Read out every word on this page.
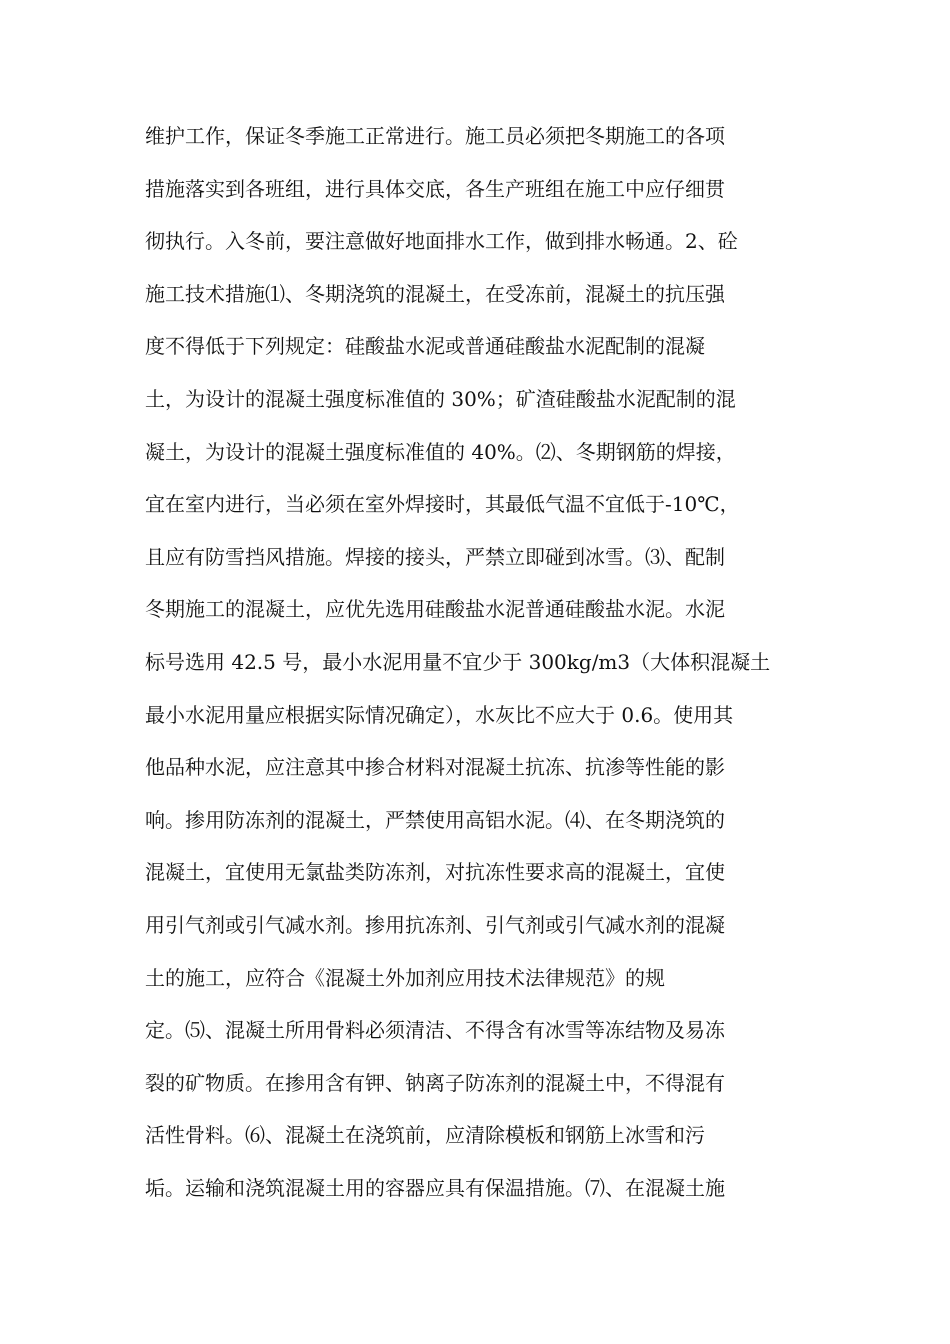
维护工作，保证冬季施工正常进行。施工员必须把冬期施工的各项
措施落实到各班组，进行具体交底，各生产班组在施工中应仔细贯
彻执行。入冬前，要注意做好地面排水工作，做到排水畅通。2、砼
施工技术措施⑴、冬期浇筑的混凝土，在受冻前，混凝土的抗压强
度不得低于下列规定：硅酸盐水泥或普通硅酸盐水泥配制的混凝
土，为设计的混凝土强度标准值的 30%；矿渣硅酸盐水泥配制的混
凝土，为设计的混凝土强度标准值的 40%。⑵、冬期钢筋的焊接，
宜在室内进行，当必须在室外焊接时，其最低气温不宜低于-10℃，
且应有防雪挡风措施。焊接的接头，严禁立即碰到冰雪。⑶、配制
冬期施工的混凝土，应优先选用硅酸盐水泥普通硅酸盐水泥。水泥
标号选用 42.5 号，最小水泥用量不宜少于 300kg/m3（大体积混凝土
最小水泥用量应根据实际情况确定），水灰比不应大于 0.6。使用其
他品种水泥，应注意其中掺合材料对混凝土抗冻、抗渗等性能的影
响。掺用防冻剂的混凝土，严禁使用高铝水泥。⑷、在冬期浇筑的
混凝土，宜使用无氯盐类防冻剂，对抗冻性要求高的混凝土，宜使
用引气剂或引气减水剂。掺用抗冻剂、引气剂或引气减水剂的混凝
土的施工，应符合《混凝土外加剂应用技术法律规范》的规
定。⑸、混凝土所用骨料必须清洁、不得含有冰雪等冻结物及易冻
裂的矿物质。在掺用含有钾、钠离子防冻剂的混凝土中，不得混有
活性骨料。⑹、混凝土在浇筑前，应清除模板和钢筋上冰雪和污
垢。运输和浇筑混凝土用的容器应具有保温措施。⑺、在混凝土施
